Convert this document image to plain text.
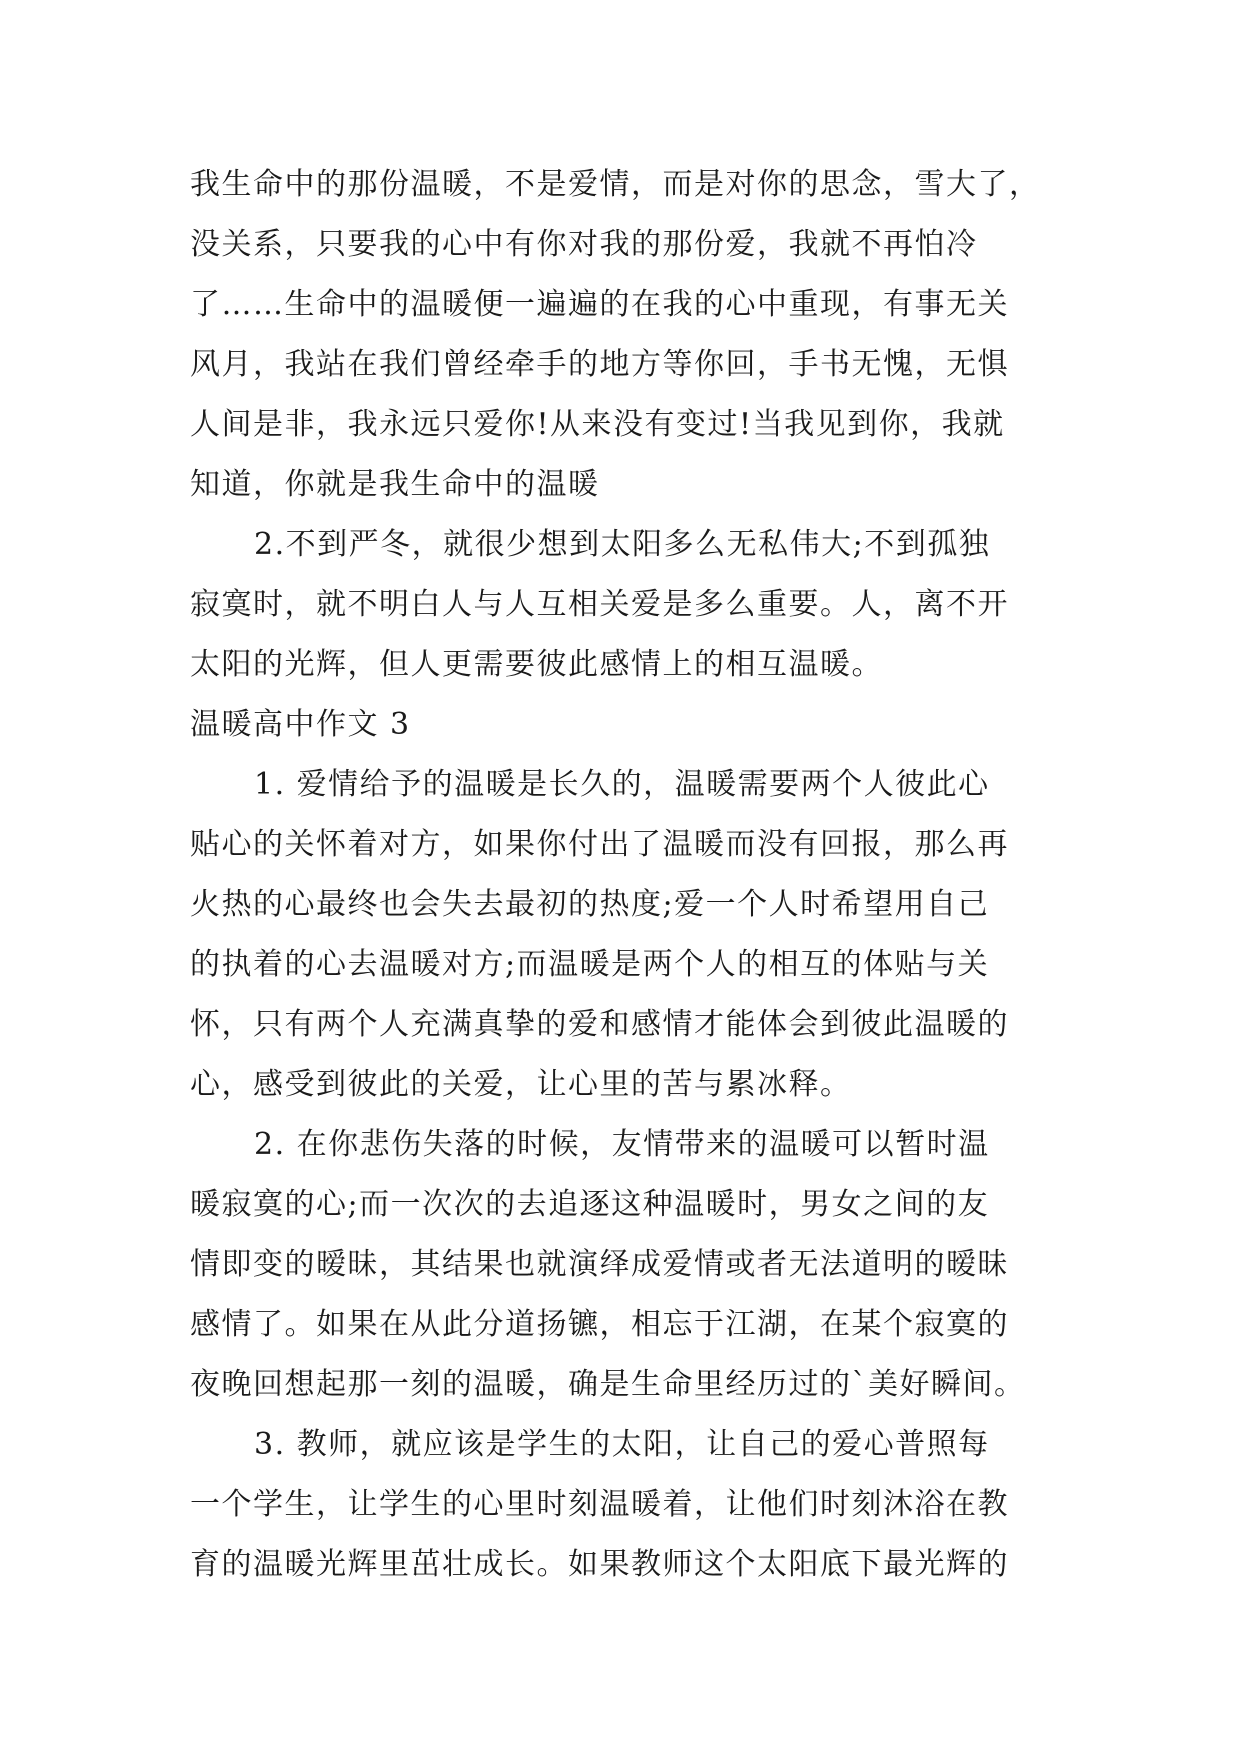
我生命中的那份温暖，不是爱情，而是对你的思念，雪大了，
没关系，只要我的心中有你对我的那份爱，我就不再怕冷
了……生命中的温暖便一遍遍的在我的心中重现，有事无关
风月，我站在我们曾经牵手的地方等你回，手书无愧，无惧
人间是非，我永远只爱你!从来没有变过!当我见到你，我就
知道，你就是我生命中的温暖
2.不到严冬，就很少想到太阳多么无私伟大;不到孤独
寂寞时，就不明白人与人互相关爱是多么重要。人，离不开
太阳的光辉，但人更需要彼此感情上的相互温暖。
温暖高中作文 3
1. 爱情给予的温暖是长久的，温暖需要两个人彼此心
贴心的关怀着对方，如果你付出了温暖而没有回报，那么再
火热的心最终也会失去最初的热度;爱一个人时希望用自己
的执着的心去温暖对方;而温暖是两个人的相互的体贴与关
怀，只有两个人充满真挚的爱和感情才能体会到彼此温暖的
心，感受到彼此的关爱，让心里的苦与累冰释。
2. 在你悲伤失落的时候，友情带来的温暖可以暂时温
暖寂寞的心;而一次次的去追逐这种温暖时，男女之间的友
情即变的暧昧，其结果也就演绎成爱情或者无法道明的暧昧
感情了。如果在从此分道扬镳，相忘于江湖，在某个寂寞的
夜晚回想起那一刻的温暖，确是生命里经历过的`美好瞬间。
3. 教师，就应该是学生的太阳，让自己的爱心普照每
一个学生，让学生的心里时刻温暖着，让他们时刻沐浴在教
育的温暖光辉里茁壮成长。如果教师这个太阳底下最光辉的
